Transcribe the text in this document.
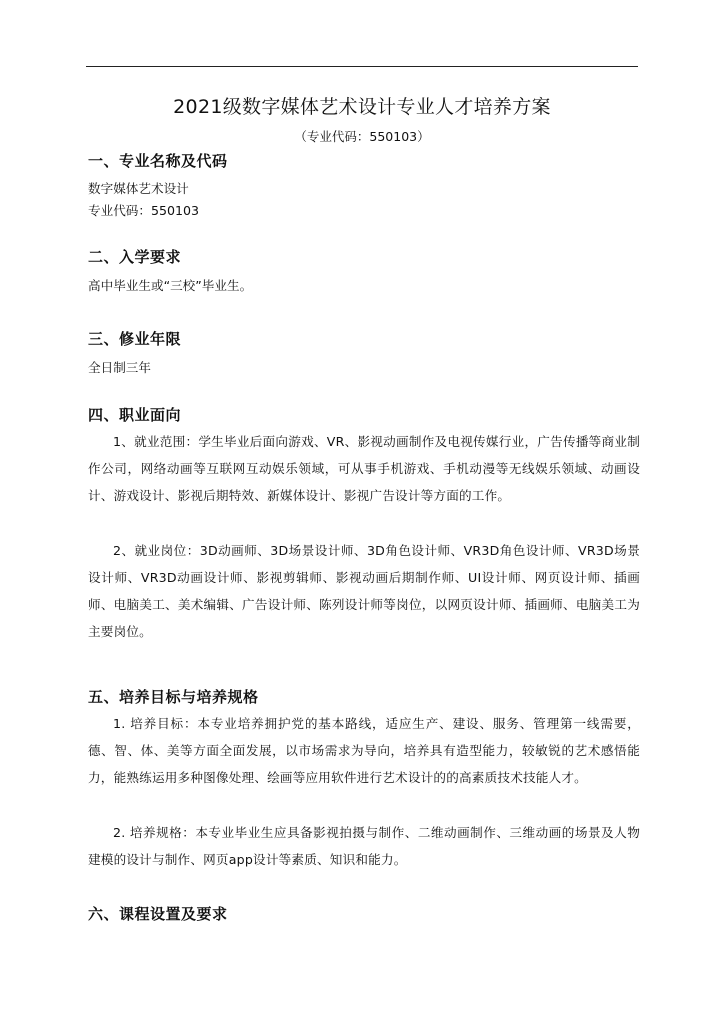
2021级数字媒体艺术设计专业人才培养方案
（专业代码：550103）
一、专业名称及代码
数字媒体艺术设计
专业代码：550103
二、入学要求
高中毕业生或“三校”毕业生。
三、修业年限
全日制三年
四、职业面向
1、就业范围：学生毕业后面向游戏、VR、影视动画制作及电视传媒行业，广告传播等商业制作公司，网络动画等互联网互动娱乐领域，可从事手机游戏、手机动漫等无线娱乐领域、动画设计、游戏设计、影视后期特效、新媒体设计、影视广告设计等方面的工作。
2、就业岗位：3D动画师、3D场景设计师、3D角色设计师、VR3D角色设计师、VR3D场景设计师、VR3D动画设计师、影视剪辑师、影视动画后期制作师、UI设计师、网页设计师、插画师、电脑美工、美术编辑、广告设计师、陈列设计师等岗位，以网页设计师、插画师、电脑美工为主要岗位。
五、培养目标与培养规格
1. 培养目标：本专业培养拥护党的基本路线，适应生产、建设、服务、管理第一线需要，德、智、体、美等方面全面发展，以市场需求为导向，培养具有造型能力，较敏锐的艺术感悟能力，能熟练运用多种图像处理、绘画等应用软件进行艺术设计的的高素质技术技能人才。
2. 培养规格：本专业毕业生应具备影视拍摄与制作、二维动画制作、三维动画的场景及人物建模的设计与制作、网页app设计等素质、知识和能力。
六、课程设置及要求
